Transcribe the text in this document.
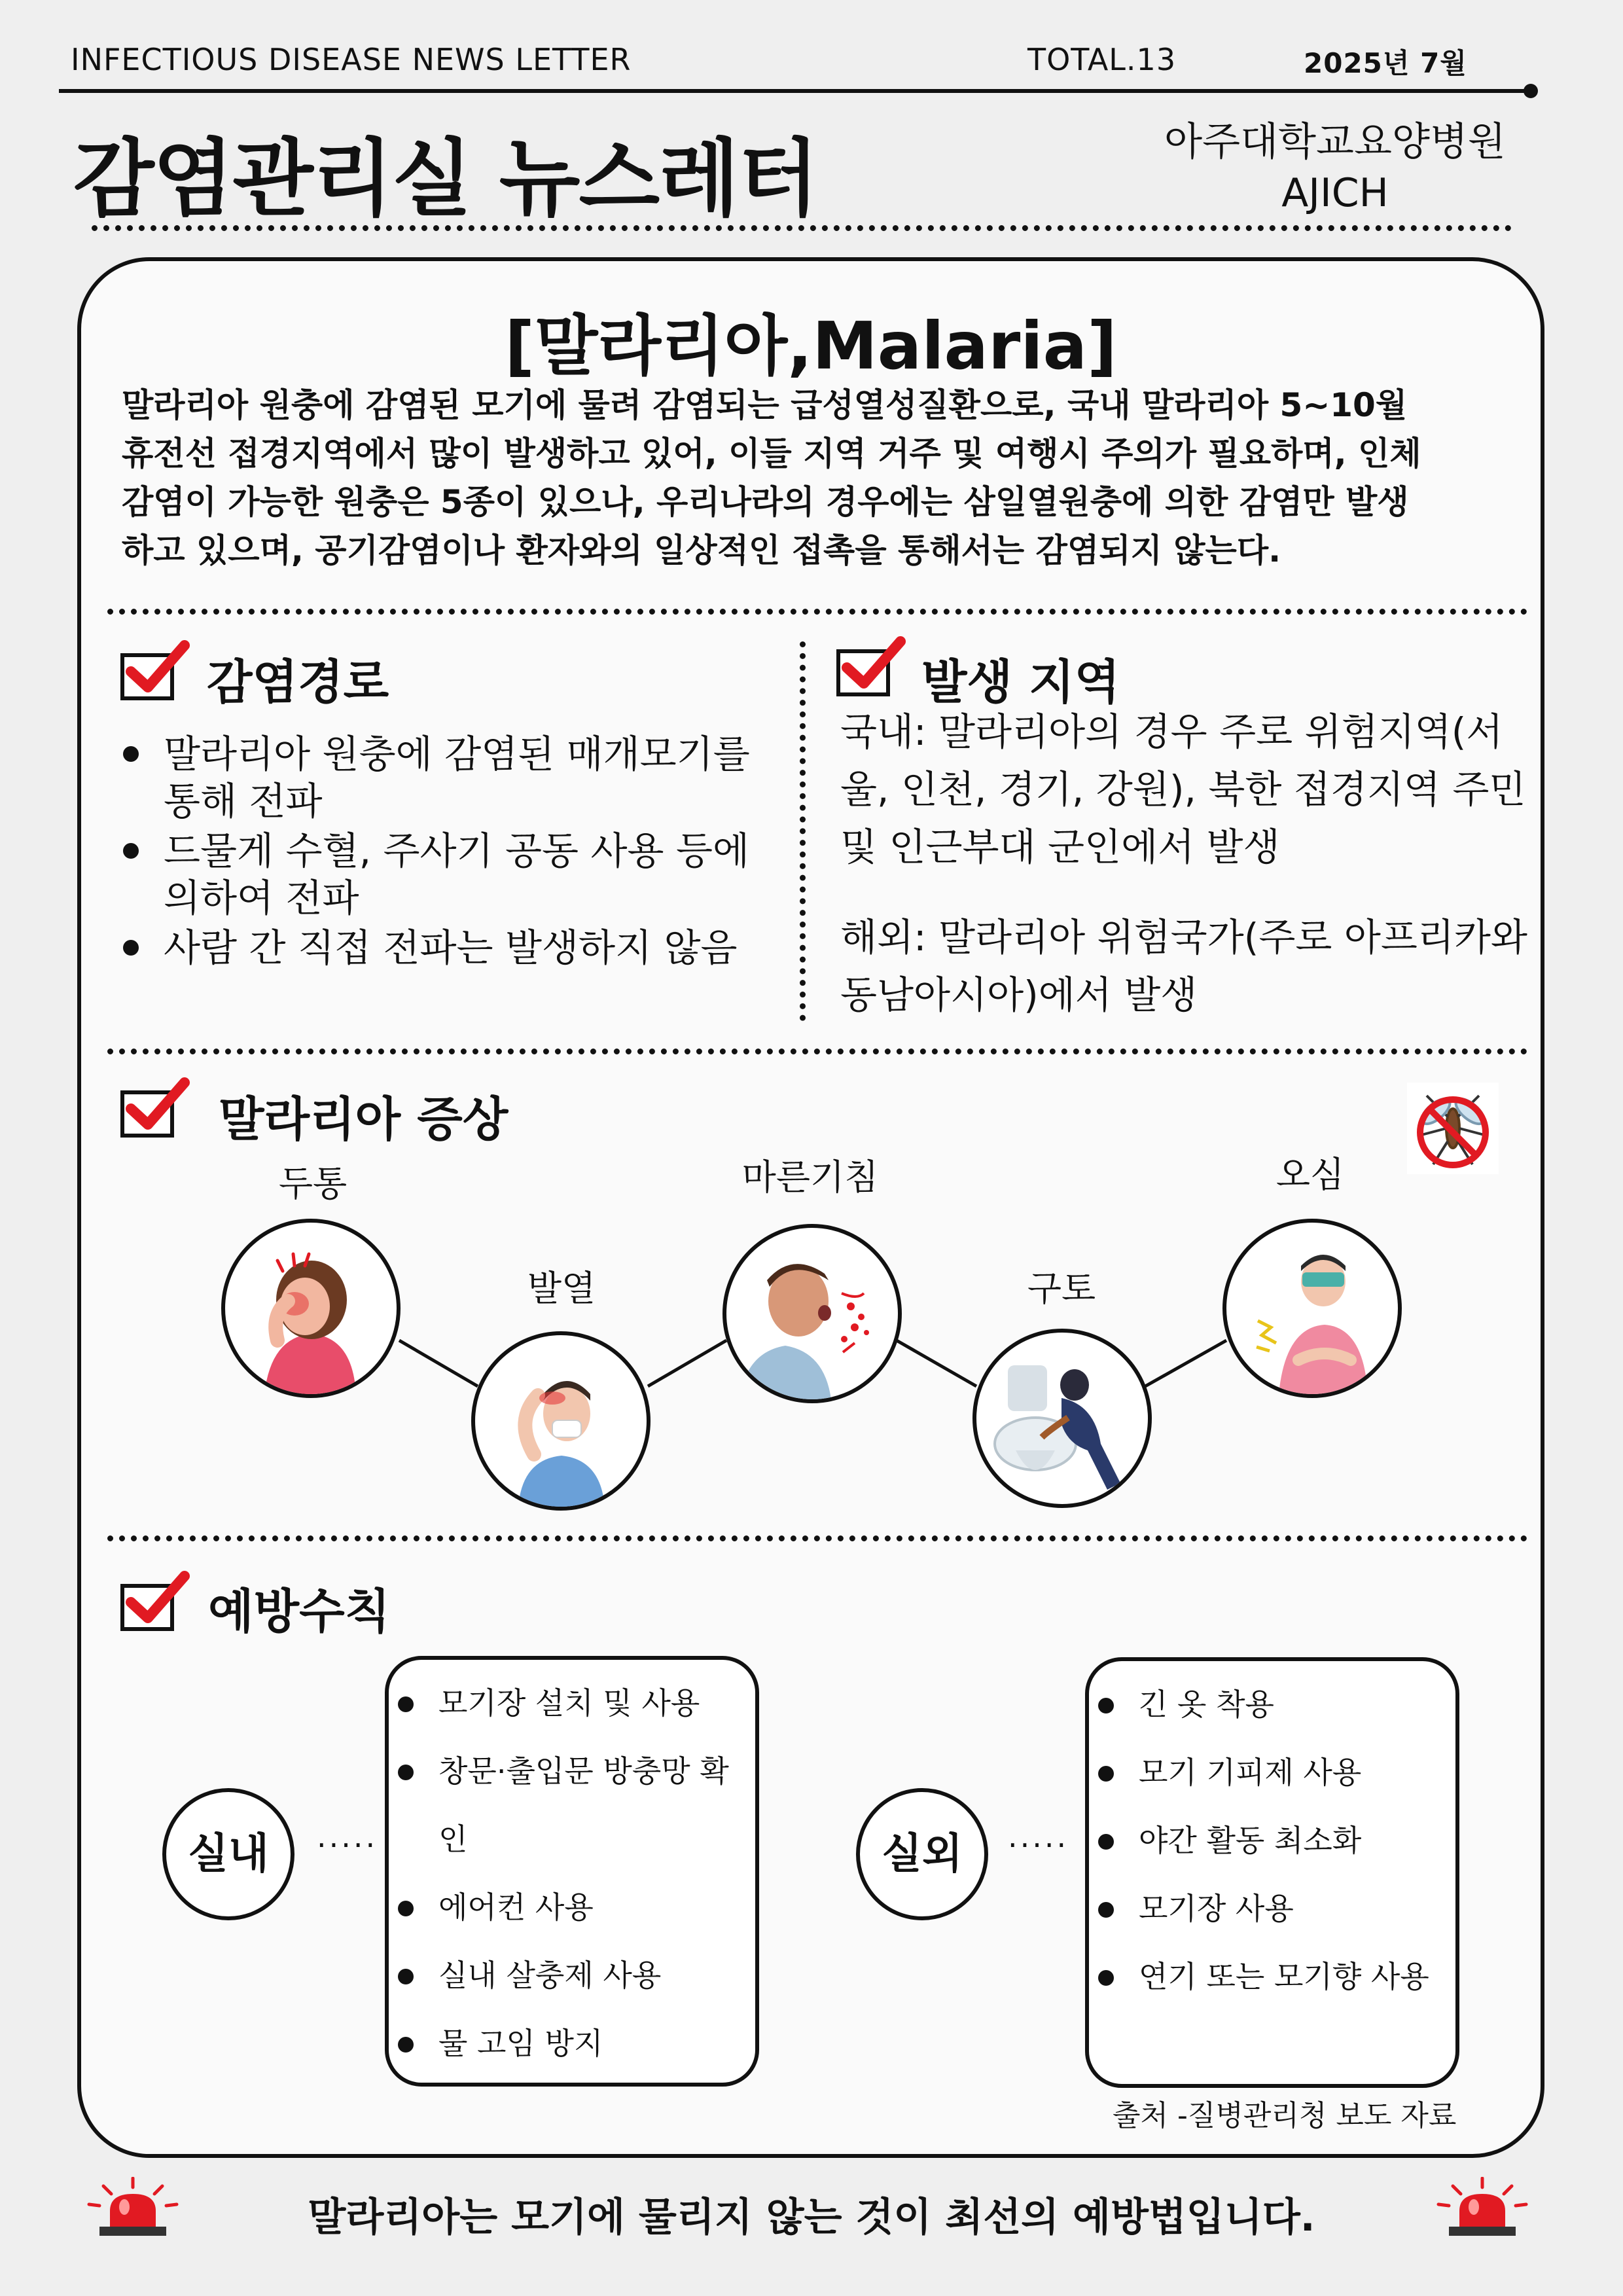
INFECTIOUS DISEASE NEWS LETTER	TOTAL.13	2025년 7월
감염관리실 뉴스레터	아주대학교요양병원
AJICH
[말라리아,Malaria]
말라리아 원충에 감염된 모기에 물려 감염되는 급성열성질환으로, 국내 말라리아 5~10월
휴전선 접경지역에서 많이 발생하고 있어, 이들 지역 거주 및 여행시 주의가 필요하며, 인체
감염이 가능한 원충은 5종이 있으나, 우리나라의 경우에는 삼일열원충에 의한 감염만 발생
하고 있으며, 공기감염이나 환자와의 일상적인 접촉을 통해서는 감염되지 않는다.
감염경로
말라리아 원충에 감염된 매개모기를
통해 전파
드물게 수혈, 주사기 공동 사용 등에
의하여 전파
사람 간 직접 전파는 발생하지 않음
발생 지역
국내: 말라리아의 경우 주로 위험지역(서
울, 인천, 경기, 강원), 북한 접경지역 주민
및 인근부대 군인에서 발생
해외: 말라리아 위험국가(주로 아프리카와
동남아시아)에서 발생
말라리아 증상
두통
발열
마른기침
구토
오심
예방수칙
실내	·····
모기장 설치 및 사용
창문·출입문 방충망 확인
에어컨 사용
실내 살충제 사용
물 고임 방지
실외	·····
긴 옷 착용
모기 기피제 사용
야간 활동 최소화
모기장 사용
연기 또는 모기향 사용
출처 -질병관리청 보도 자료
말라리아는 모기에 물리지 않는 것이 최선의 예방법입니다.
